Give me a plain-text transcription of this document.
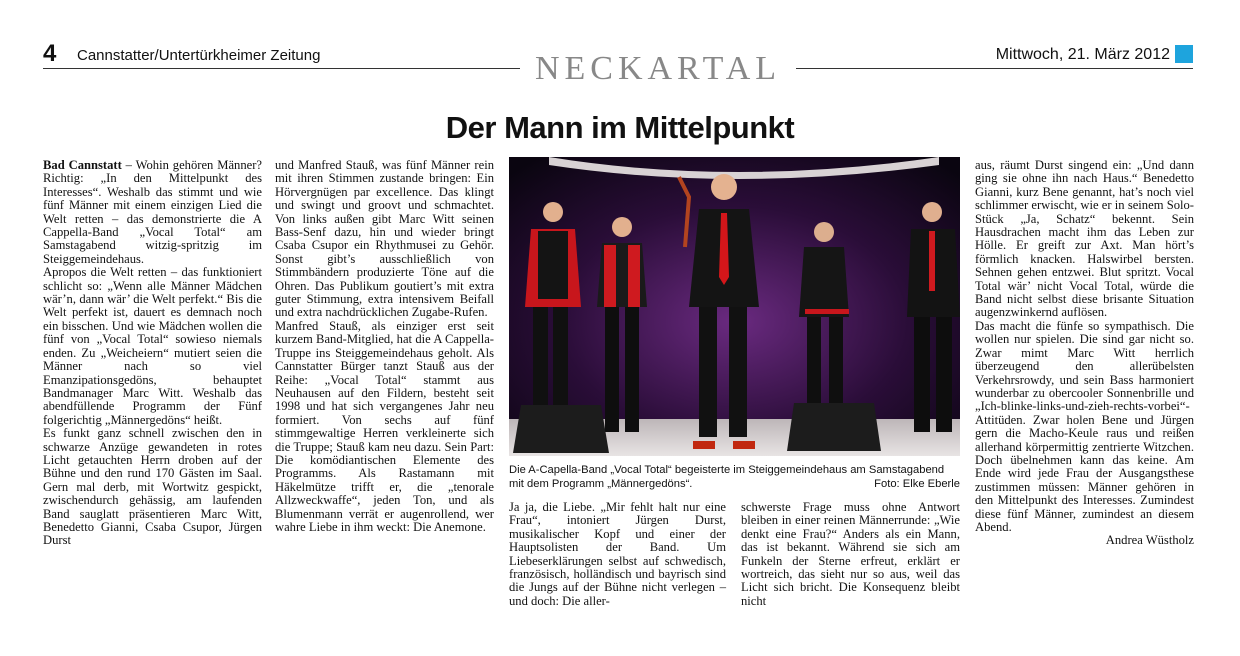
4 Cannstatter/Untertürkheimer Zeitung	NECKARTAL	Mittwoch, 21. März 2012
Der Mann im Mittelpunkt

Bad Cannstatt – Wohin gehören Männer? Richtig: „In den Mittelpunkt des Interesses“. Weshalb das stimmt und wie fünf Männer mit einem einzigen Lied die Welt retten – das demonstrierte die A Cappella-Band „Vocal Total“ am Samstagabend witzig-spritzig im Steiggemeindehaus.

Apropos die Welt retten – das funktioniert schlicht so: „Wenn alle Männer Mädchen wär’n, dann wär’ die Welt perfekt.“ Bis die Welt perfekt ist, dauert es demnach noch ein bisschen. Und wie Mädchen wollen die fünf von „Vocal Total“ sowieso niemals enden. Zu „Weicheiern“ mutiert seien die Männer nach so viel Emanzipationsgedöns, behauptet Bandmanager Marc Witt. Weshalb das abendfüllende Programm der Fünf folgerichtig „Männergedöns“ heißt.

Es funkt ganz schnell zwischen den in schwarze Anzüge gewandeten in rotes Licht getauchten Herrn droben auf der Bühne und den rund 170 Gästen im Saal. Gern mal derb, mit Wortwitz gespickt, zwischendurch gehässig, am laufenden Band sauglatt präsentieren Marc Witt, Benedetto Gianni, Csaba Csupor, Jürgen Durst

und Manfred Stauß, was fünf Männer rein mit ihren Stimmen zustande bringen: Ein Hörvergnügen par excellence. Das klingt und swingt und groovt und schmachtet. Von links außen gibt Marc Witt seinen Bass-Senf dazu, hin und wieder bringt Csaba Csupor ein Rhythmusei zu Gehör. Sonst gibt’s ausschließlich von Stimmbändern produzierte Töne auf die Ohren. Das Publikum goutiert’s mit extra guter Stimmung, extra intensivem Beifall und extra nachdrücklichen Zugabe-Rufen.

Manfred Stauß, als einziger erst seit kurzem Band-Mitglied, hat die A Cappella-Truppe ins Steiggemeindehaus geholt. Als Cannstatter Bürger tanzt Stauß aus der Reihe: „Vocal Total“ stammt aus Neuhausen auf den Fildern, besteht seit 1998 und hat sich vergangenes Jahr neu formiert. Von sechs auf fünf stimmgewaltige Herren verkleinerte sich die Truppe; Stauß kam neu dazu. Sein Part: Die komödiantischen Elemente des Programms. Als Rastamann mit Häkelmütze trifft er, die „tenorale Allzweckwaffe“, jeden Ton, und als Blumenmann verrät er augenrollend, wer wahre Liebe in ihm weckt: Die Anemone.

Die A-Capella-Band „Vocal Total“ begeisterte im Steiggemeindehaus am Samstagabend mit dem Programm „Männergedöns“.	Foto: Elke Eberle

Ja ja, die Liebe. „Mir fehlt halt nur eine Frau“, intoniert Jürgen Durst, musikalischer Kopf und einer der Hauptsolisten der Band. Um Liebeserklärungen selbst auf schwedisch, französisch, holländisch und bayrisch sind die Jungs auf der Bühne nicht verlegen – und doch: Die aller-

schwerste Frage muss ohne Antwort bleiben in einer reinen Männerrunde: „Wie denkt eine Frau?“ Anders als ein Mann, das ist bekannt. Während sie sich am Funkeln der Sterne erfreut, erklärt er wortreich, das sieht nur so aus, weil das Licht sich bricht. Die Konsequenz bleibt nicht

aus, räumt Durst singend ein: „Und dann ging sie ohne ihn nach Haus.“ Benedetto Gianni, kurz Bene genannt, hat’s noch viel schlimmer erwischt, wie er in seinem Solo-Stück „Ja, Schatz“ bekennt. Sein Hausdrachen macht ihm das Leben zur Hölle. Er greift zur Axt. Man hört’s förmlich knacken. Halswirbel bersten. Sehnen gehen entzwei. Blut spritzt. Vocal Total wär’ nicht Vocal Total, würde die Band nicht selbst diese brisante Situation augenzwinkernd auflösen.

Das macht die fünfe so sympathisch. Die wollen nur spielen. Die sind gar nicht so. Zwar mimt Marc Witt herrlich überzeugend den allerübelsten Verkehrsrowdy, und sein Bass harmoniert wunderbar zu obercooler Sonnenbrille und „Ich-blinke-links-und-zieh-rechts-vorbei“-Attitüden. Zwar holen Bene und Jürgen gern die Macho-Keule raus und reißen allerhand körpermittig zentrierte Witzchen. Doch übelnehmen kann das keine. Am Ende wird jede Frau der Ausgangsthese zustimmen müssen: Männer gehören in den Mittelpunkt des Interesses. Zumindest diese fünf Männer, zumindest an diesem Abend.

Andrea Wüstholz
